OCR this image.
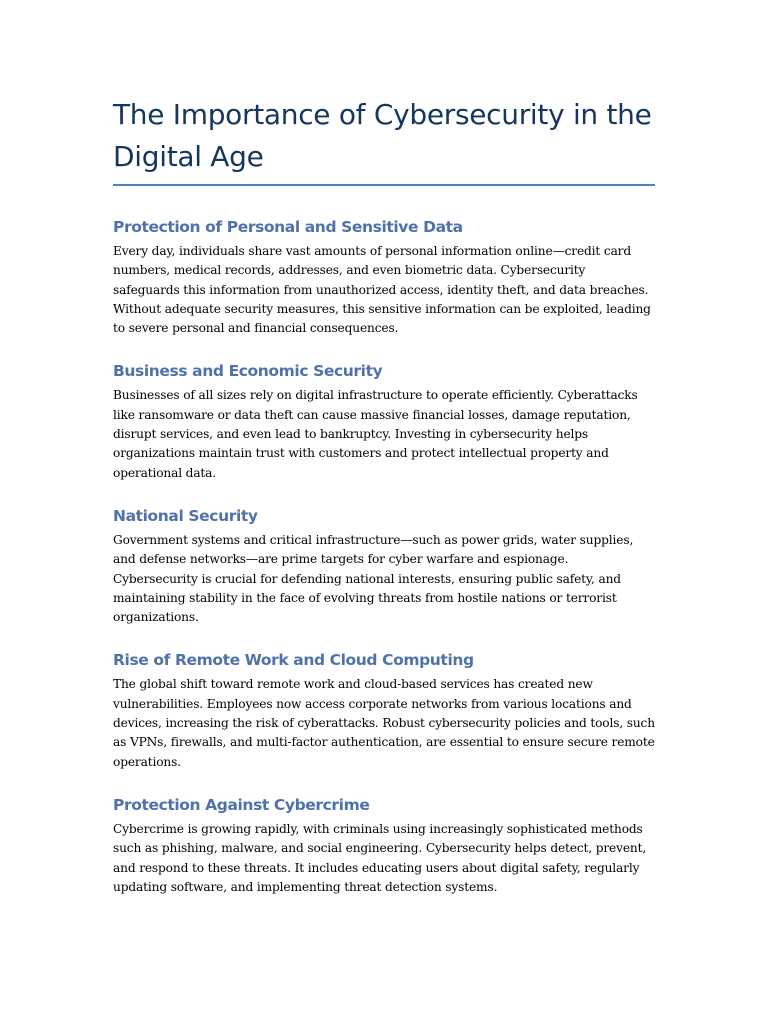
The Importance of Cybersecurity in the Digital Age
Protection of Personal and Sensitive Data

Every day, individuals share vast amounts of personal information online—credit card numbers, medical records, addresses, and even biometric data. Cybersecurity safeguards this information from unauthorized access, identity theft, and data breaches. Without adequate security measures, this sensitive information can be exploited, leading to severe personal and financial consequences.

Business and Economic Security

Businesses of all sizes rely on digital infrastructure to operate efficiently. Cyberattacks like ransomware or data theft can cause massive financial losses, damage reputation, disrupt services, and even lead to bankruptcy. Investing in cybersecurity helps organizations maintain trust with customers and protect intellectual property and operational data.

National Security

Government systems and critical infrastructure—such as power grids, water supplies, and defense networks—are prime targets for cyber warfare and espionage. Cybersecurity is crucial for defending national interests, ensuring public safety, and maintaining stability in the face of evolving threats from hostile nations or terrorist organizations.

Rise of Remote Work and Cloud Computing

The global shift toward remote work and cloud-based services has created new vulnerabilities. Employees now access corporate networks from various locations and devices, increasing the risk of cyberattacks. Robust cybersecurity policies and tools, such as VPNs, firewalls, and multi-factor authentication, are essential to ensure secure remote operations.

Protection Against Cybercrime

Cybercrime is growing rapidly, with criminals using increasingly sophisticated methods such as phishing, malware, and social engineering. Cybersecurity helps detect, prevent, and respond to these threats. It includes educating users about digital safety, regularly updating software, and implementing threat detection systems.
